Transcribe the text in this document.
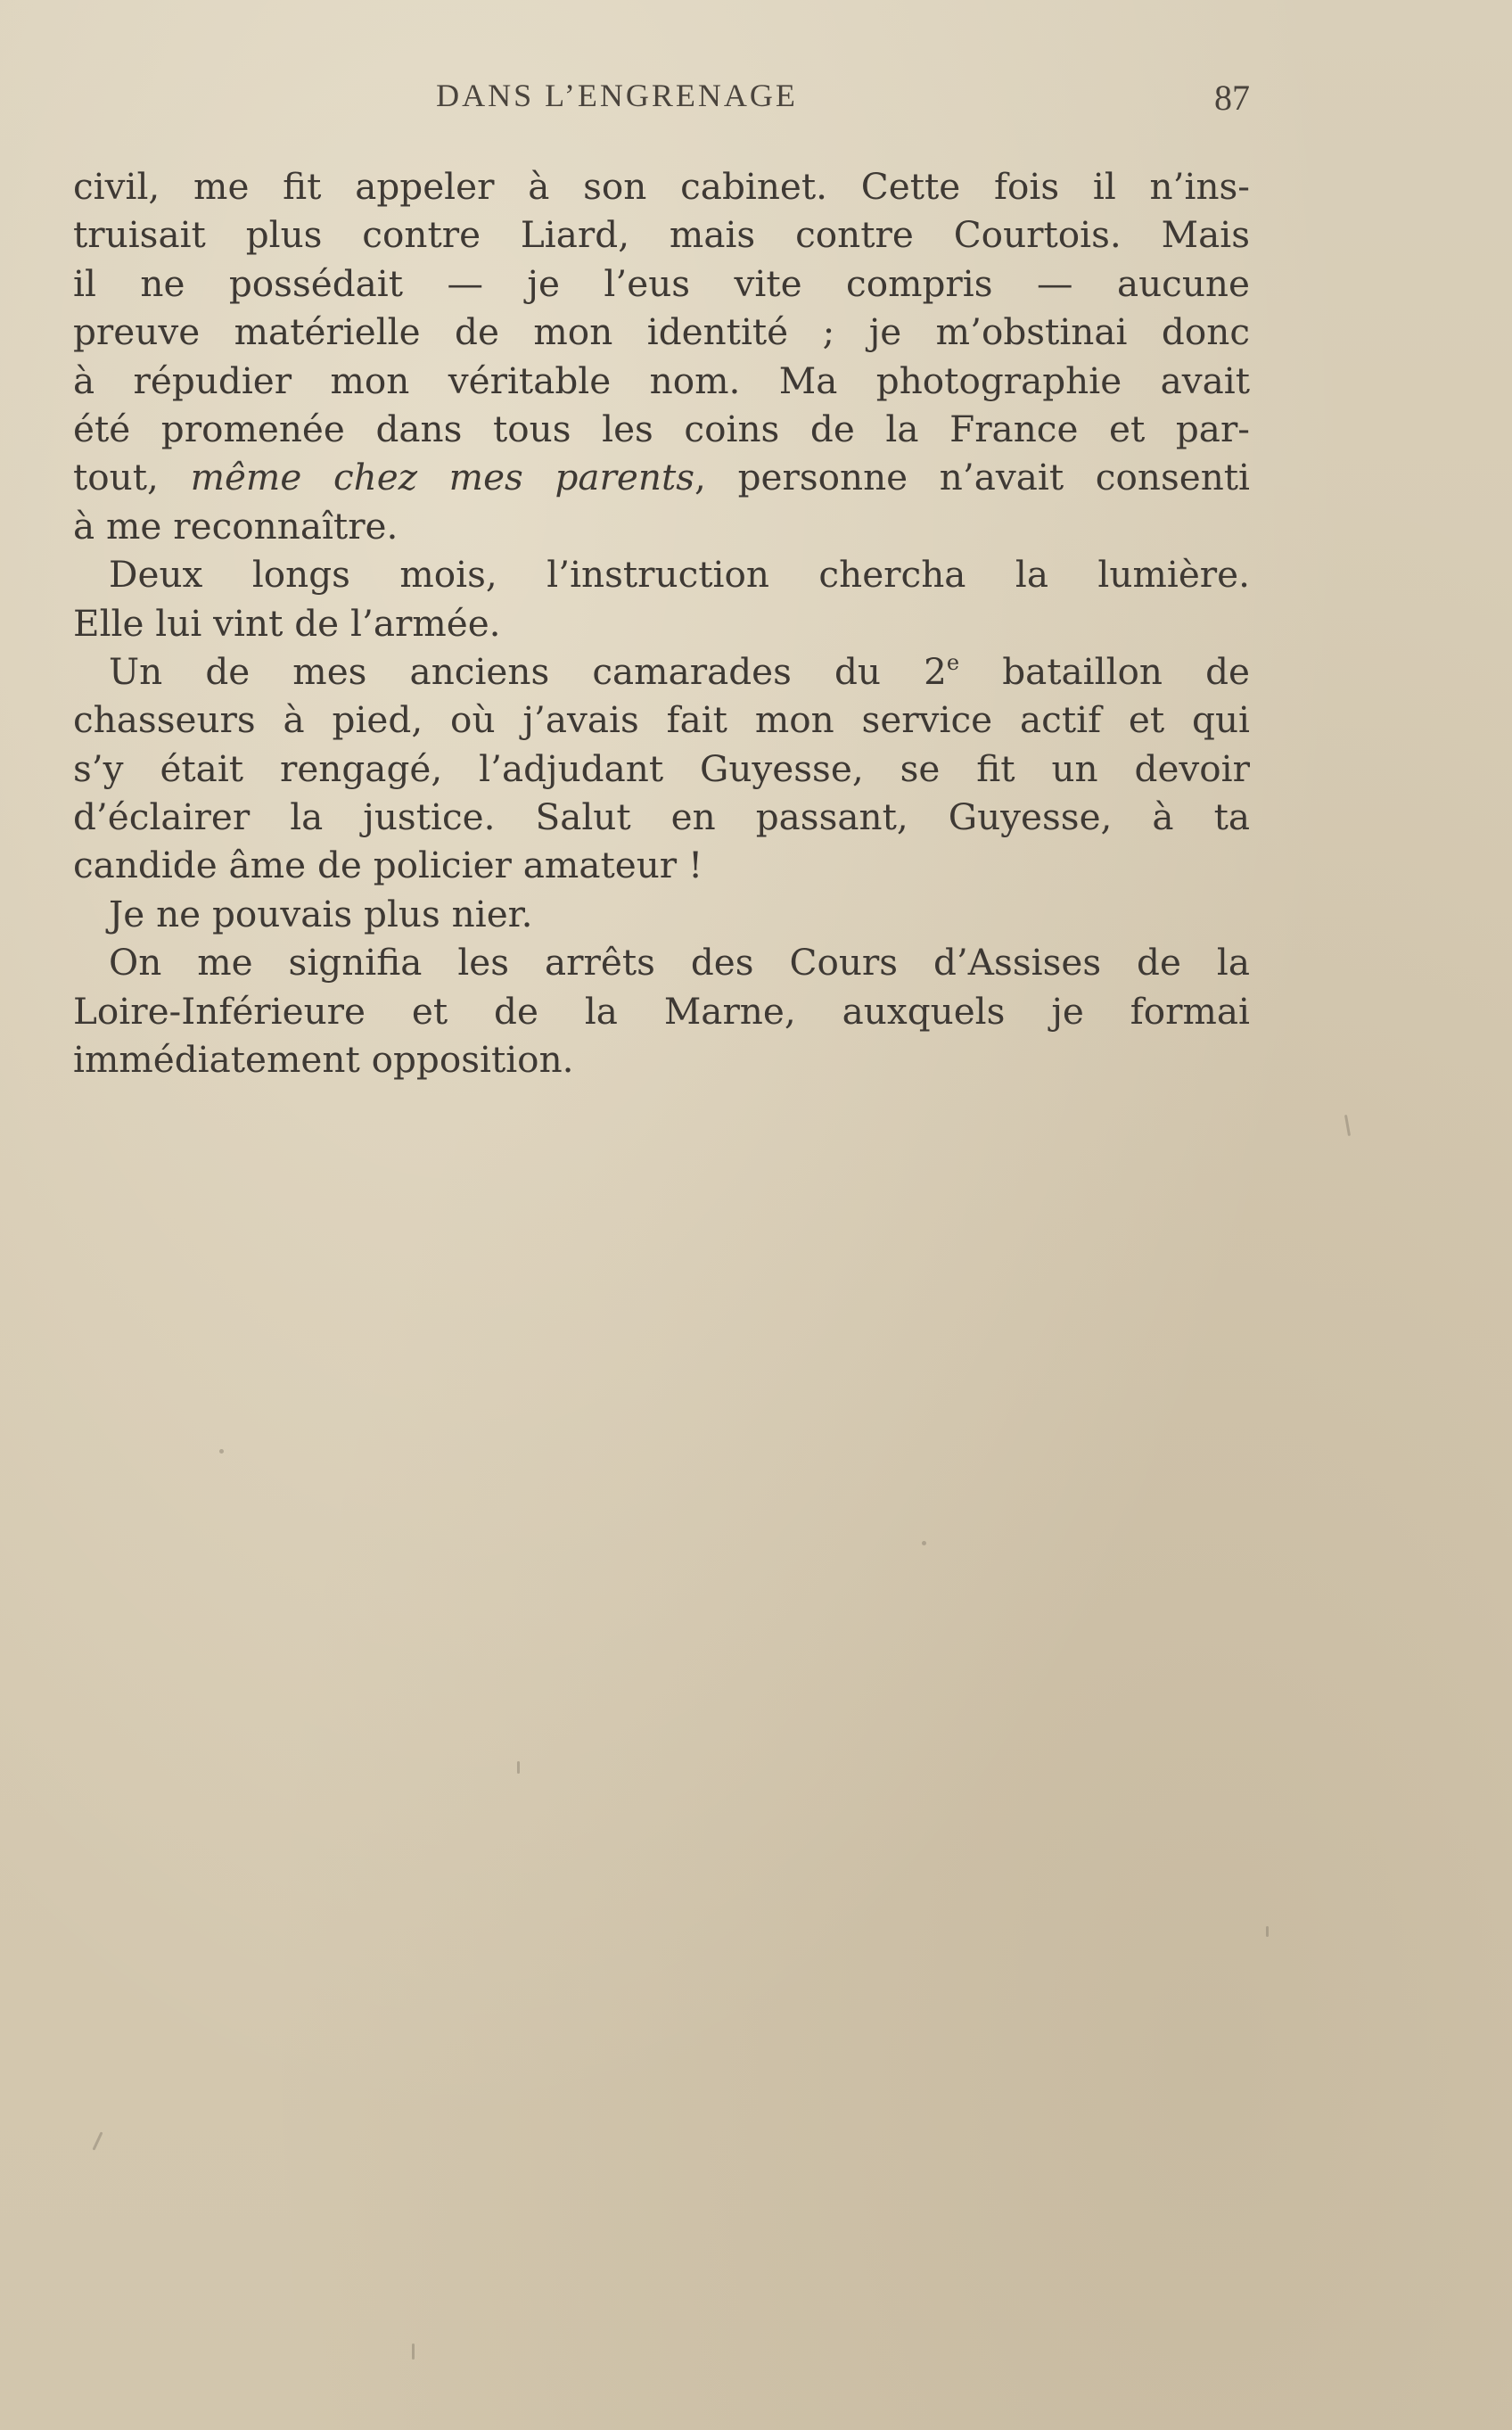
DANS L’ENGRENAGE	87
civil, me fit appeler à son cabinet. Cette fois il n’ins-
truisait plus contre Liard, mais contre Courtois. Mais
il ne possédait — je l’eus vite compris — aucune
preuve matérielle de mon identité ; je m’obstinai donc
à répudier mon véritable nom. Ma photographie avait
été promenée dans tous les coins de la France et par-
tout, même chez mes parents, personne n’avait consenti
à me reconnaître.
Deux longs mois, l’instruction chercha la lumière.
Elle lui vint de l’armée.
Un de mes anciens camarades du 2e bataillon de
chasseurs à pied, où j’avais fait mon service actif et qui
s’y était rengagé, l’adjudant Guyesse, se fit un devoir
d’éclairer la justice. Salut en passant, Guyesse, à ta
candide âme de policier amateur !
Je ne pouvais plus nier.
On me signifia les arrêts des Cours d’Assises de la
Loire-Inférieure et de la Marne, auxquels je formai
immédiatement opposition.
